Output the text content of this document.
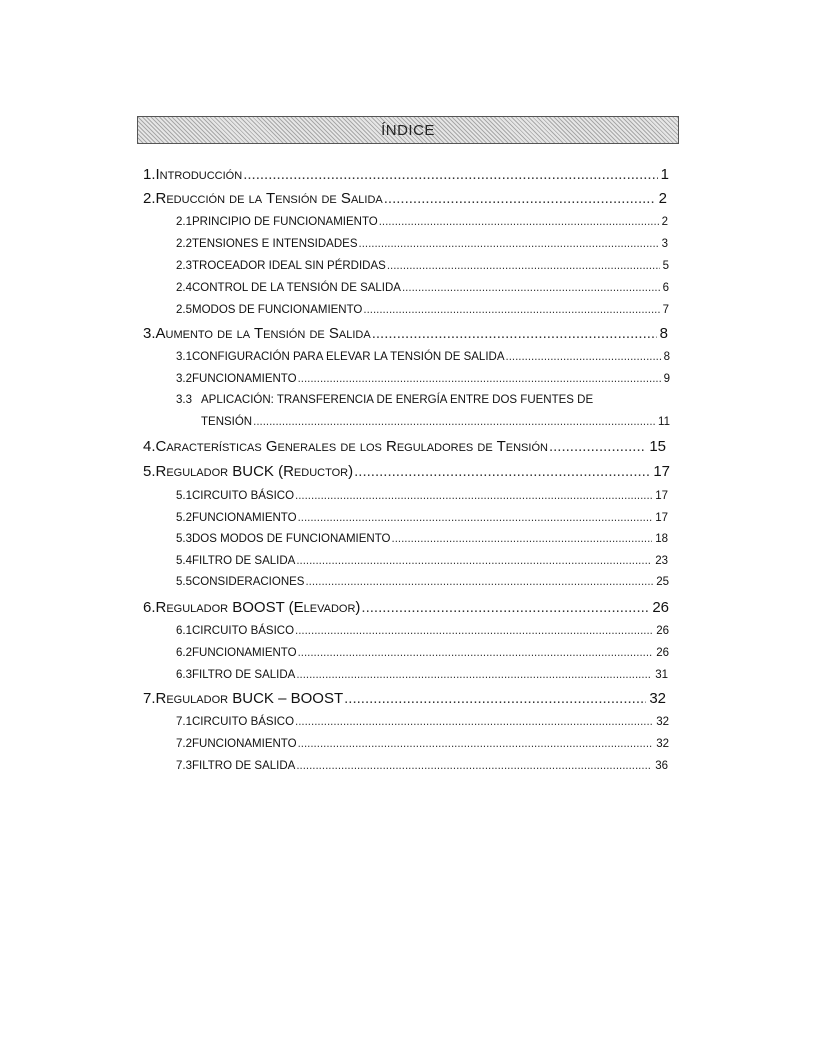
ÍNDICE
1. Introducción .....	1
2. Reducción de la Tensión de Salida .....	2
2.1 PRINCIPIO DE FUNCIONAMIENTO .....	2
2.2 TENSIONES E INTENSIDADES .....	3
2.3 TROCEADOR IDEAL SIN PÉRDIDAS .....	5
2.4 CONTROL DE LA TENSIÓN DE SALIDA .....	6
2.5 MODOS DE FUNCIONAMIENTO .....	7
3. Aumento de la Tensión de Salida .....	8
3.1 CONFIGURACIÓN PARA ELEVAR LA TENSIÓN DE SALIDA .....	8
3.2 FUNCIONAMIENTO .....	9
3.3 APLICACIÓN: TRANSFERENCIA DE ENERGÍA ENTRE DOS FUENTES DE
TENSIÓN .....	11
4. Características Generales de los Reguladores de Tensión .....	15
5. Regulador BUCK (Reductor) .....	17
5.1 CIRCUITO BÁSICO .....	17
5.2 FUNCIONAMIENTO .....	17
5.3 DOS MODOS DE FUNCIONAMIENTO .....	18
5.4 FILTRO DE SALIDA .....	23
5.5 CONSIDERACIONES .....	25
6. Regulador BOOST (Elevador) .....	26
6.1 CIRCUITO BÁSICO .....	26
6.2 FUNCIONAMIENTO .....	26
6.3 FILTRO DE SALIDA .....	31
7. Regulador BUCK – BOOST .....	32
7.1 CIRCUITO BÁSICO .....	32
7.2 FUNCIONAMIENTO .....	32
7.3 FILTRO DE SALIDA .....	36
